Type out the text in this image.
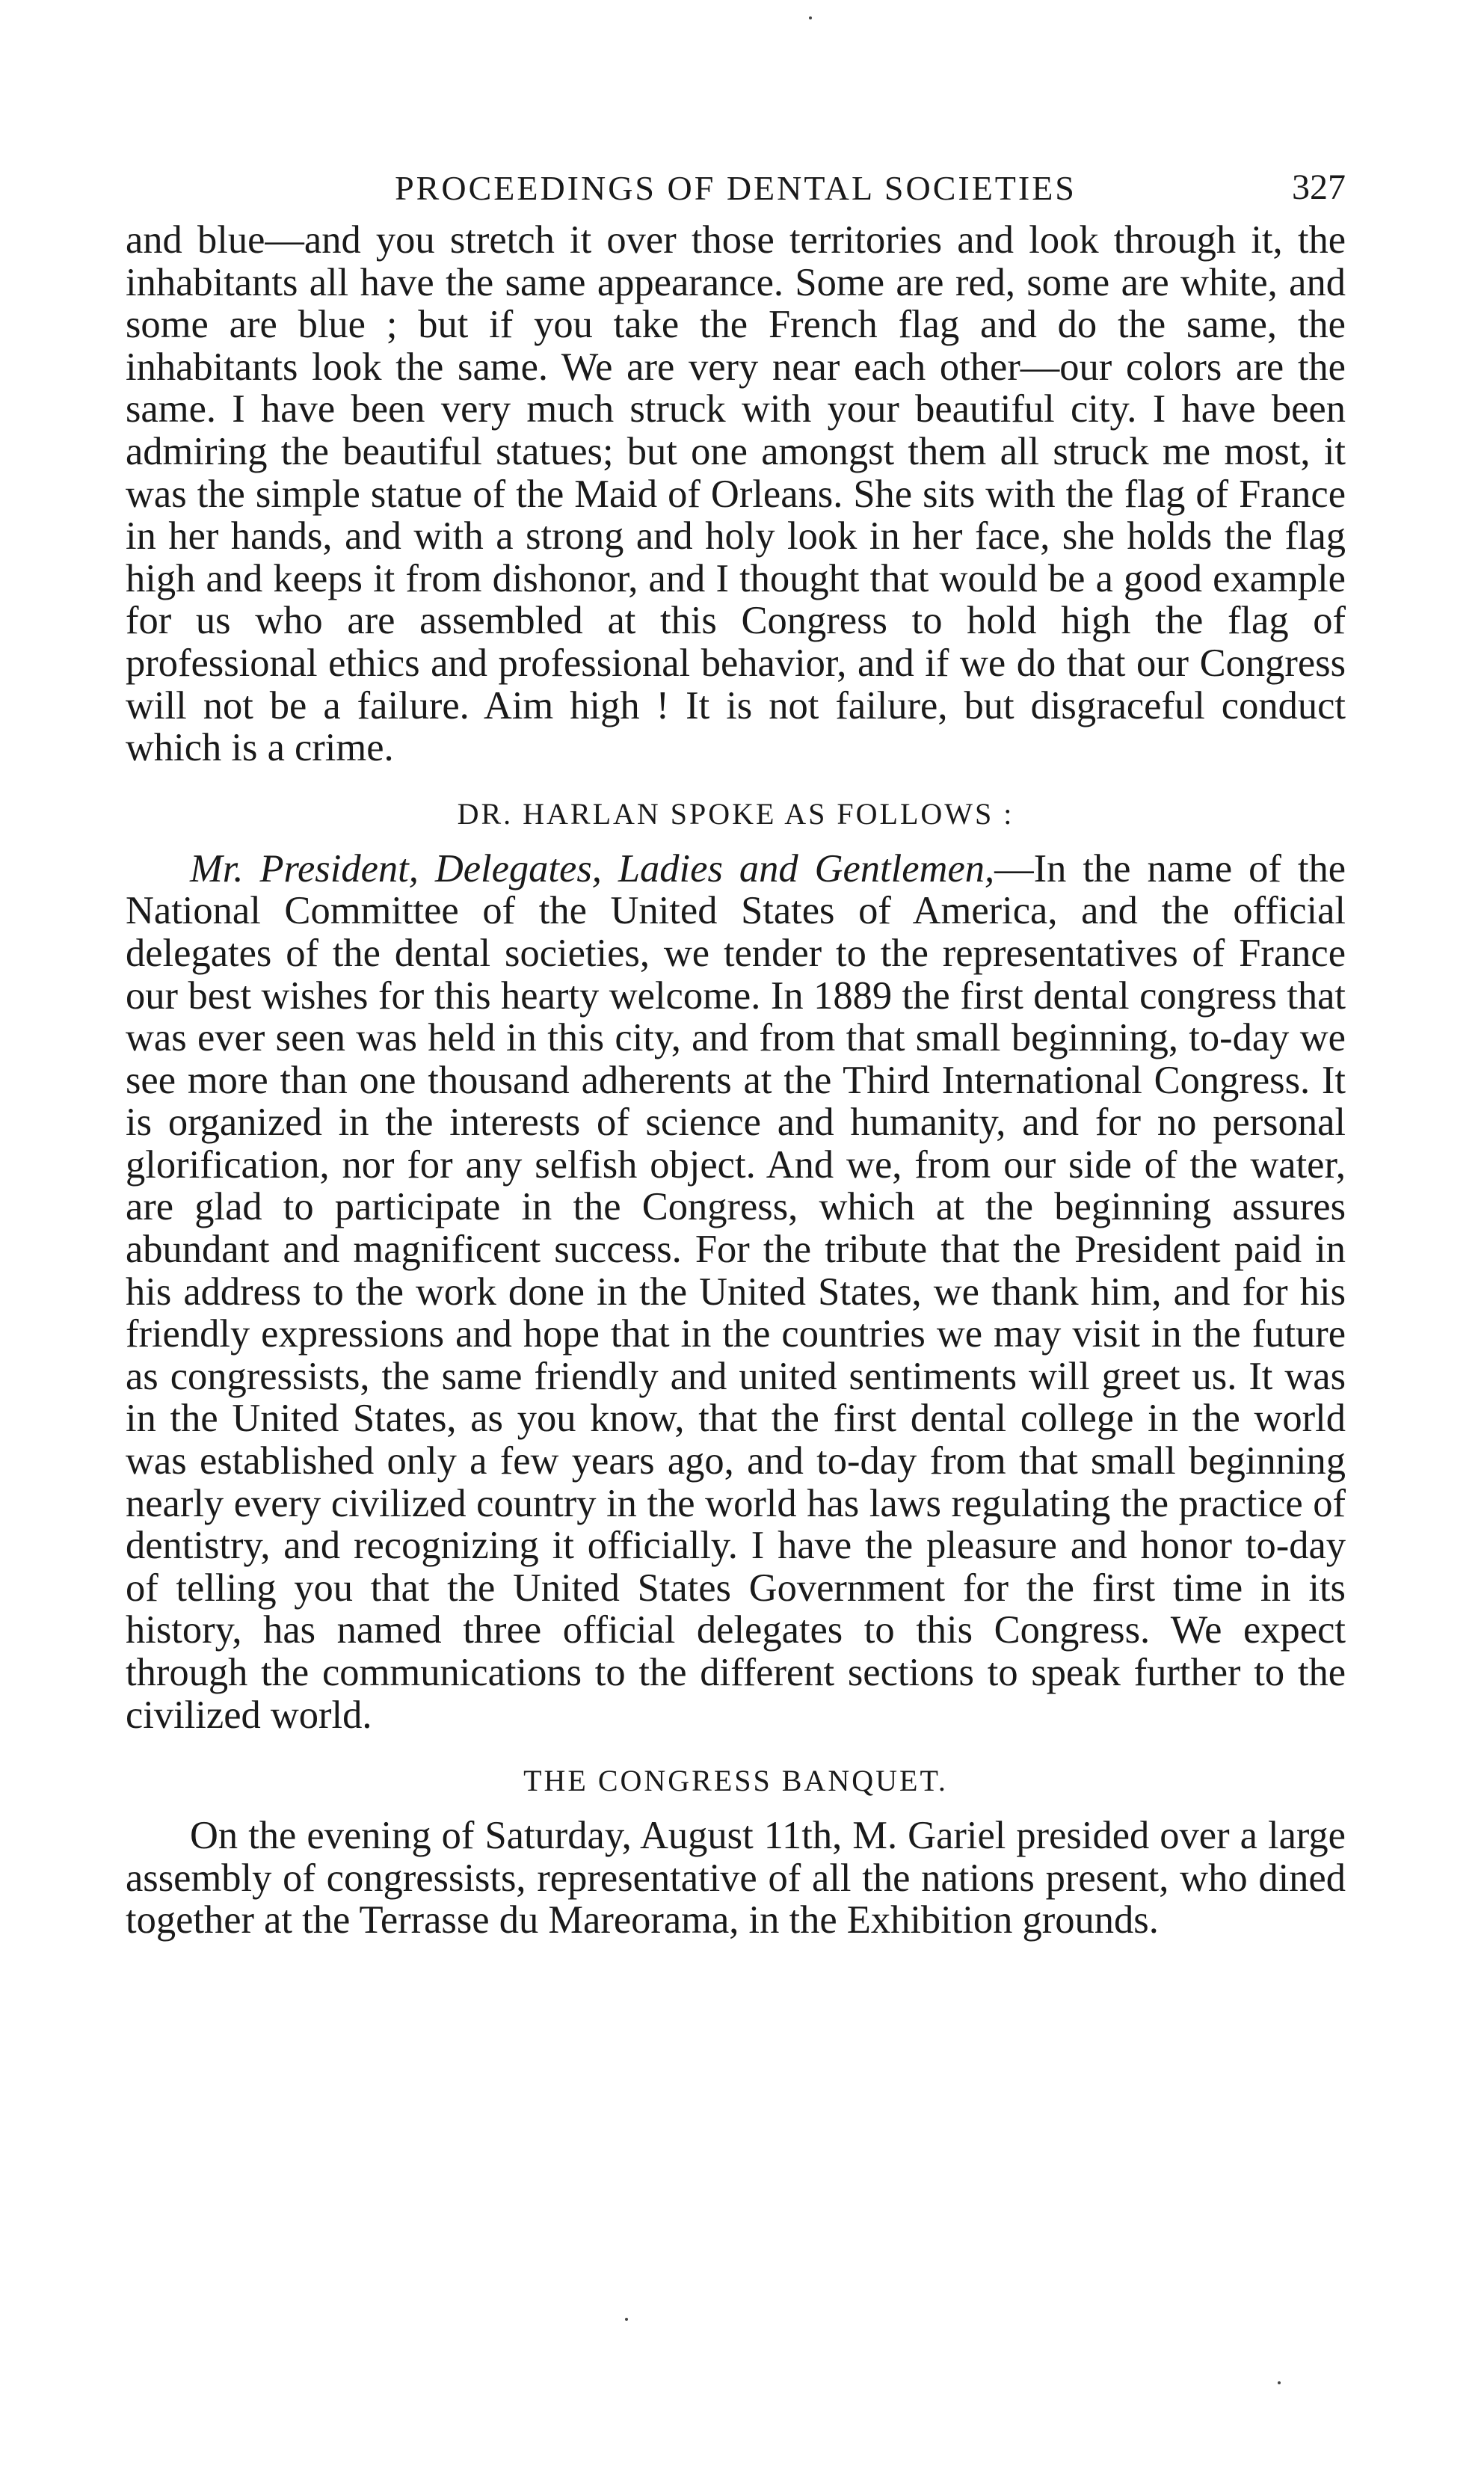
PROCEEDINGS OF DENTAL SOCIETIES	327

and blue—and you stretch it over those territories and look through it, the inhabitants all have the same appearance. Some are red, some are white, and some are blue ; but if you take the French flag and do the same, the inhabitants look the same. We are very near each other—our colors are the same. I have been very much struck with your beautiful city. I have been admiring the beautiful statues; but one amongst them all struck me most, it was the simple statue of the Maid of Orleans. She sits with the flag of France in her hands, and with a strong and holy look in her face, she holds the flag high and keeps it from dishonor, and I thought that would be a good example for us who are assembled at this Congress to hold high the flag of professional ethics and professional behavior, and if we do that our Congress will not be a failure. Aim high ! It is not failure, but disgraceful conduct which is a crime.

DR. HARLAN SPOKE AS FOLLOWS :

Mr. President, Delegates, Ladies and Gentlemen,—In the name of the National Committee of the United States of America, and the official delegates of the dental societies, we tender to the representatives of France our best wishes for this hearty welcome. In 1889 the first dental congress that was ever seen was held in this city, and from that small beginning, to-day we see more than one thousand adherents at the Third International Congress. It is organized in the interests of science and humanity, and for no personal glorification, nor for any selfish object. And we, from our side of the water, are glad to participate in the Congress, which at the beginning assures abundant and magnificent success. For the tribute that the President paid in his address to the work done in the United States, we thank him, and for his friendly expressions and hope that in the countries we may visit in the future as congressists, the same friendly and united sentiments will greet us. It was in the United States, as you know, that the first dental college in the world was established only a few years ago, and to-day from that small beginning nearly every civilized country in the world has laws regulating the practice of dentistry, and recognizing it officially. I have the pleasure and honor to-day of telling you that the United States Government for the first time in its history, has named three official delegates to this Congress. We expect through the communications to the different sections to speak further to the civilized world.

THE CONGRESS BANQUET.

On the evening of Saturday, August 11th, M. Gariel presided over a large assembly of congressists, representative of all the nations present, who dined together at the Terrasse du Mareorama, in the Exhibition grounds.
